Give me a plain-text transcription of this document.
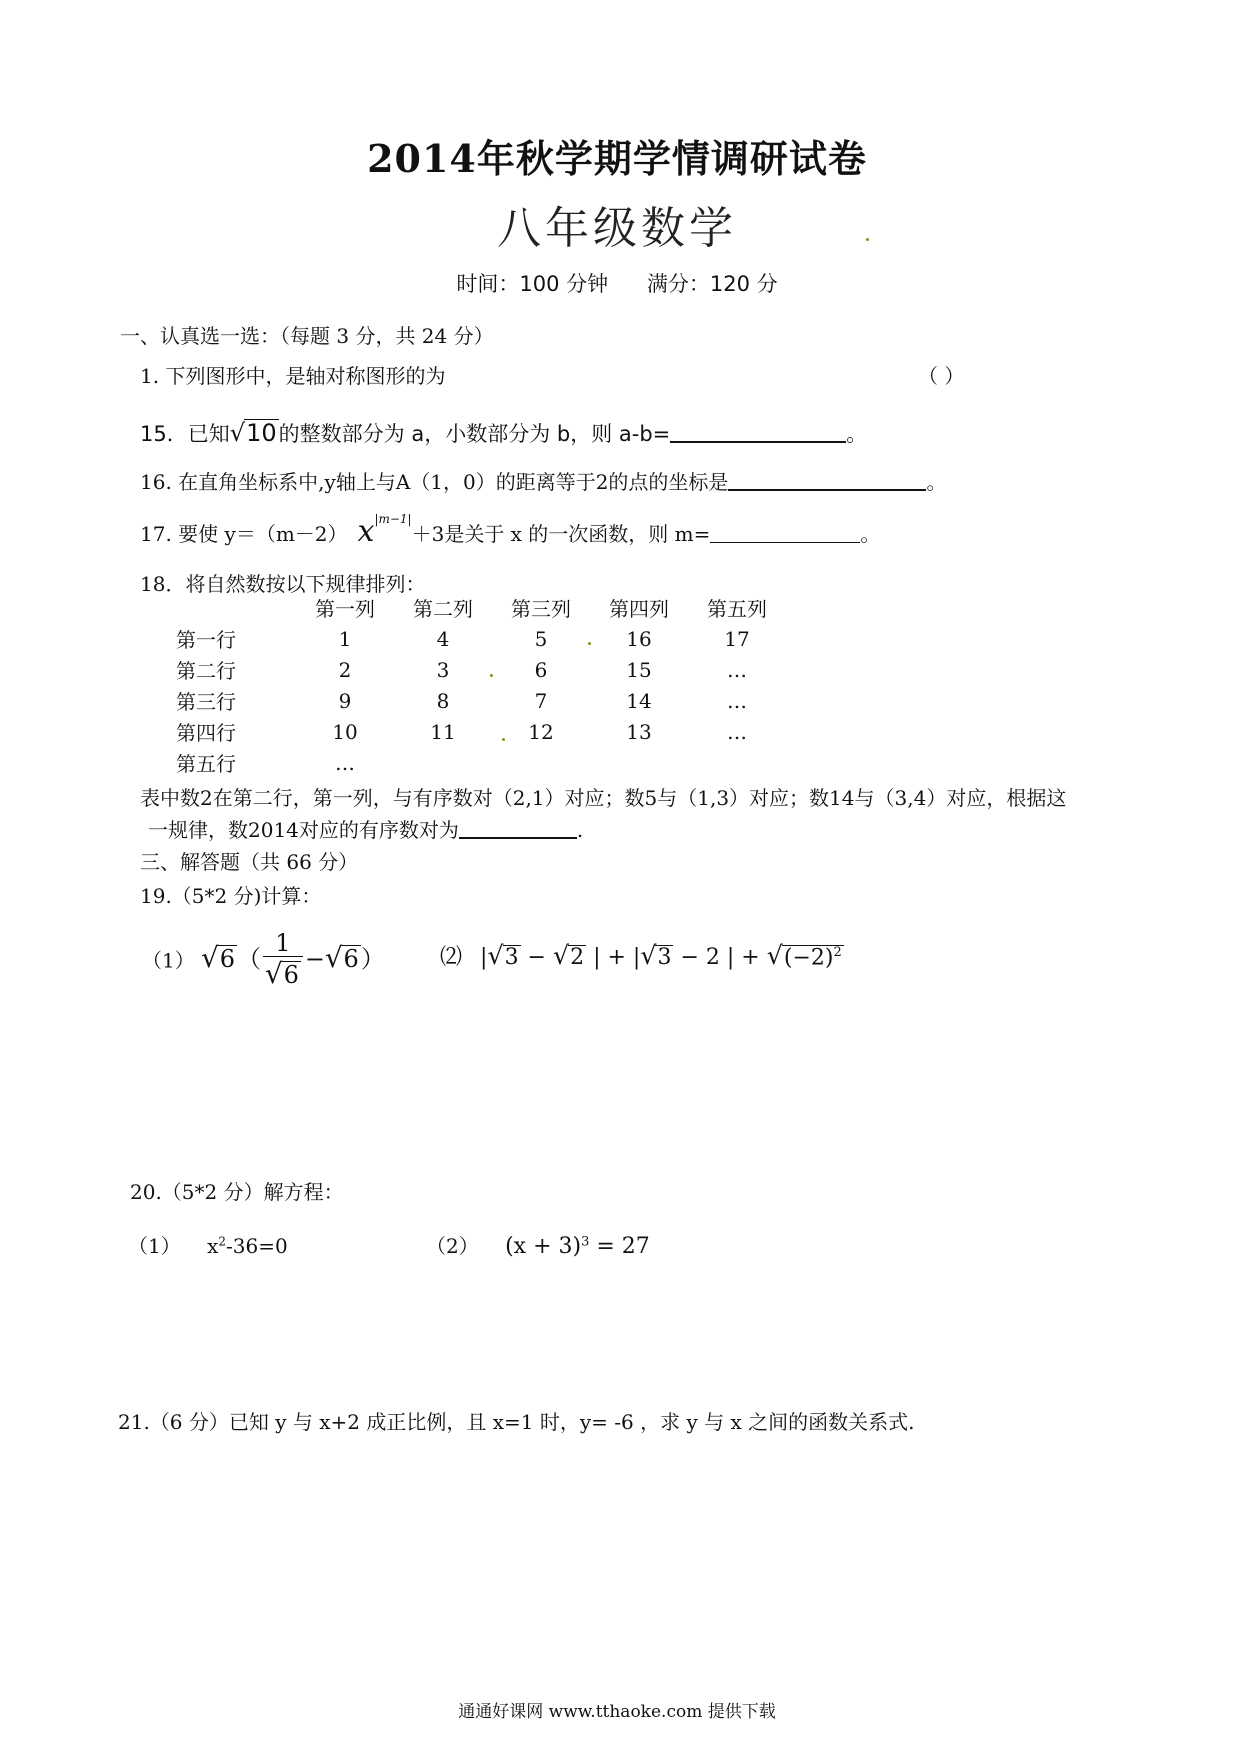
2014年秋学期学情调研试卷
八年级数学
时间：100 分钟 满分：120 分
一、认真选一选：（每题 3 分，共 24 分）
1. 下列图形中，是轴对称图形的为	（ ）
15．已知√10的整数部分为 a，小数部分为 b，则 a-b=	。
16. 在直角坐标系中,y轴上与A（1，0）的距离等于2的点的坐标是	。
17. 要使 y＝（m－2） $x^{|m-1|}+3$是关于 x 的一次函数，则 m=	。
18．将自然数按以下规律排列：
	第一列	第二列	第三列	第四列	第五列
第一行	1	4	5	16	17
第二行	2	3	6	15	…
第三行	9	8	7	14	…
第四行	10	11	12	13	…
第五行	…				
表中数2在第二行，第一列，与有序数对（2,1）对应；数5与（1,3）对应；数14与（3,4）对应，根据这
一规律，数2014对应的有序数对为	.
三、解答题（共 66 分）
19.（5*2 分)计算：
（1） $√6( \frac{1}{√6} -√6)$	⑵ |√3 − √2 | + |√3 − 2 | + $√(-2)^2$
20.（5*2 分）解方程：
（1） $x^2-36=0$	（2） $(x + 3)^3 = 27$
21.（6 分）已知 y 与 x+2 成正比例，且 x=1 时，y= -6 ，求 y 与 x 之间的函数关系式.
通通好课网 www.tthaoke.com 提供下载
